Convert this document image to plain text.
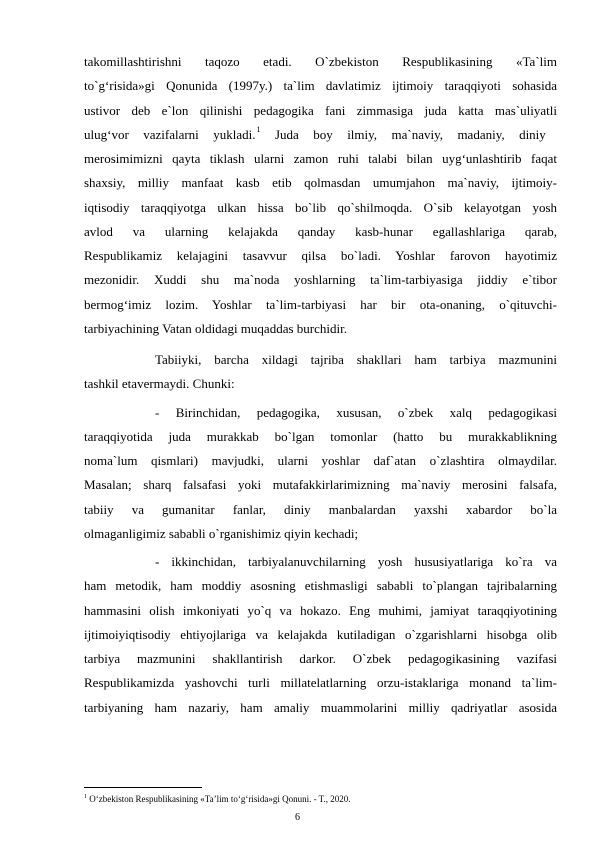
takomillashtirishni taqozo etadi. O`zbekiston Respublikasining «Ta`lim
to`g‘risida»gi Qonunida (1997y.) ta`lim davlatimiz ijtimoiy taraqqiyoti sohasida
ustivor deb e`lon qilinishi pedagogika fani zimmasiga juda katta mas`uliyatli
ulug‘vor vazifalarni yukladi.$^1$ Juda boy ilmiy, ma`naviy, madaniy, diniy
merosimimizni qayta tiklash ularni zamon ruhi talabi bilan uyg‘unlashtirib faqat
shaxsiy, milliy manfaat kasb etib qolmasdan umumjahon ma`naviy, ijtimoiy-
iqtisodiy taraqqiyotga ulkan hissa bo`lib qo`shilmoqda. O`sib kelayotgan yosh
avlod va ularning kelajakda qanday kasb-hunar egallashlariga qarab,
Respublikamiz kelajagini tasavvur qilsa bo`ladi. Yoshlar farovon hayotimiz
mezonidir. Xuddi shu ma`noda yoshlarning ta`lim-tarbiyasiga jiddiy e`tibor
bermog‘imiz lozim. Yoshlar ta`lim-tarbiyasi har bir ota-onaning, o`qituvchi-
tarbiyachining Vatan oldidagi muqaddas burchidir.
Tabiiyki, barcha xildagi tajriba shakllari ham tarbiya mazmunini
tashkil etavermaydi. Chunki:
- Birinchidan, pedagogika, xususan, o`zbek xalq pedagogikasi
taraqqiyotida juda murakkab bo`lgan tomonlar (hatto bu murakkablikning
noma`lum qismlari) mavjudki, ularni yoshlar daf`atan o`zlashtira olmaydilar.
Masalan; sharq falsafasi yoki mutafakkirlarimizning ma`naviy merosini falsafa,
tabiiy va gumanitar fanlar, diniy manbalardan yaxshi xabardor bo`la
olmaganligimiz sababli o`rganishimiz qiyin kechadi;
- ikkinchidan, tarbiyalanuvchilarning yosh hususiyatlariga ko`ra va
ham metodik, ham moddiy asosning etishmasligi sababli to`plangan tajribalarning
hammasini olish imkoniyati yo`q va hokazo. Eng muhimi, jamiyat taraqqiyotining
ijtimoiyiqtisodiy ehtiyojlariga va kelajakda kutiladigan o`zgarishlarni hisobga olib
tarbiya mazmunini shakllantirish darkor. O`zbek pedagogikasining vazifasi
Respublikamizda yashovchi turli millatelatlarning orzu-istaklariga monand ta`lim-
tarbiyaning ham nazariy, ham amaliy muammolarini milliy qadriyatlar asosida
$^1$ O‘zbekiston Respublikasining «Ta’lim to‘g‘risida»gi Qonuni. - T., 2020.
6
